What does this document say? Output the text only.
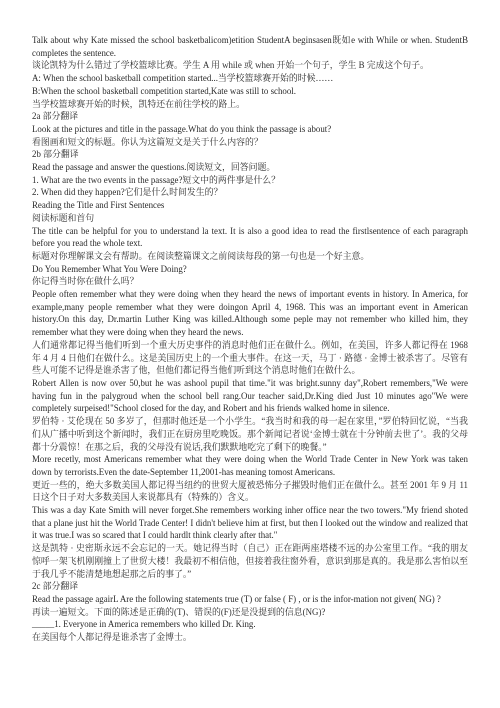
Talk about why Kate missed the school basketbalicom)etition StudentA beginsasen既如e with While or when. StudentB completes the sentence.

谈论凯特为什么错过了学校篮球比赛。学生 A 用 while 或 when 开始一个句子，学生 B 完成这个句子。

A: When the school basketball competition started...当学校篮球赛开始的时候……

B:When the school basketball competition started,Kate was still to school.

当学校篮球赛开始的时候，凯特还在前往学校的路上。

2a 部分翻译

Look at the pictures and title in the passage.What do you think the passage is about?

看图画和短文的标题。你认为这篇短文是关于什么内容的？

2b 部分翻译

Read the passage and answer the questions.阅读短文，回答问题。

1. What are the two events in the passage?短文中的两件事是什么？

2. When did they happen?它们是什么时间发生的？

Reading the Title and First Sentences

阅读标题和首句

The title can be helpful for you to understand la text. It is also a good idea to read the firstlsentence of each paragraph before you read the whole text.

标题对你理解课文会有帮助。在阅读整篇课文之前阅读每段的第一句也是一个好主意。

Do You Remember What You Were Doing?

你记得当时你在做什么吗？

People often remember what they were doing when they heard the news of important events in history. In America, for example,many people remember what they were doingon April 4, 1968. This was an important event in American history.On this day, Dr.martin Luther King was killed.Although some peple may not remember who killed him, they remember what they were doing when they heard the news.

人们通常都记得当他们听到一个重大历史事件的消息时他们正在做什么。例如，在美国，许多人都记得在 1968 年 4 月 4 日他们在做什么。这是美国历史上的一个重大事件。在这一天，马丁 · 路德 · 金博士被杀害了。尽管有些人可能不记得是谁杀害了他，但他们都记得当他们听到这个消息时他们在做什么。

Robert Allen is now over 50,but he was ashool pupil that time."it was bright.sunny day",Robert remembers,"We were having fun in the palygroud when the school bell rang.Our teacher said,Dr.King died Just 10 minutes ago"We were completely surpeised!"School closed for the day, and Robert and his friends walked home in silence.

罗伯特 · 艾伦现在 50 多岁了，但那时他还是一个小学生。“我当时和我的母一起在家里，”罗伯特回忆说，“当我们从广播中听到这个新闻时，我们正在厨房里吃晚饭。那个新闻记者说‘金博士就在十分钟前去世了’。我的父母都十分震惊！在那之后，我的父母没有说话,我们默默地吃完了剩下的晚餐。”

More recetly, most Americans remember what they were doing when the World Trade Center in New York was taken down by terrorists.Even the date-September 11,2001-has meaning tomost Americans.

更近一些的，绝大多数美国人都记得当纽约的世贸大厦被恐怖分子摧毁时他们正在做什么。甚至 2001 年 9 月 11 日这个日子对大多数美国人来说都具有（特殊的）含义。

This was a day Kate Smith will never forget.She remembers working inher office near the two towers."My friend shoted that a plane just hit the World Trade Center! I didn't believe him at first, but then I looked out the window and realized that it was true.I was so scared that I could hardlt think clearly after that."

这是凯特 · 史密斯永远不会忘记的一天。她记得当时（自己）正在距两座塔楼不远的办公室里工作。“我的朋友惊呼一架飞机刚刚撞上了世贸大楼！我最初不相信他，但接着我往窗外看，意识到那是真的。我是那么害怕以至于我几乎不能清楚地想起那之后的事了。”

2c 部分翻译

Read the passage agairL Are the following statements true (T) or false ( F) , or is the infor-mation not given( NG) ?

再读一遍短文。下面的陈述是正确的(T)、错误的(F)还是没提到的信息(NG)?

_____1. Everyone in America remembers who killed Dr. King.

在美国每个人都记得是谁杀害了金博士。
